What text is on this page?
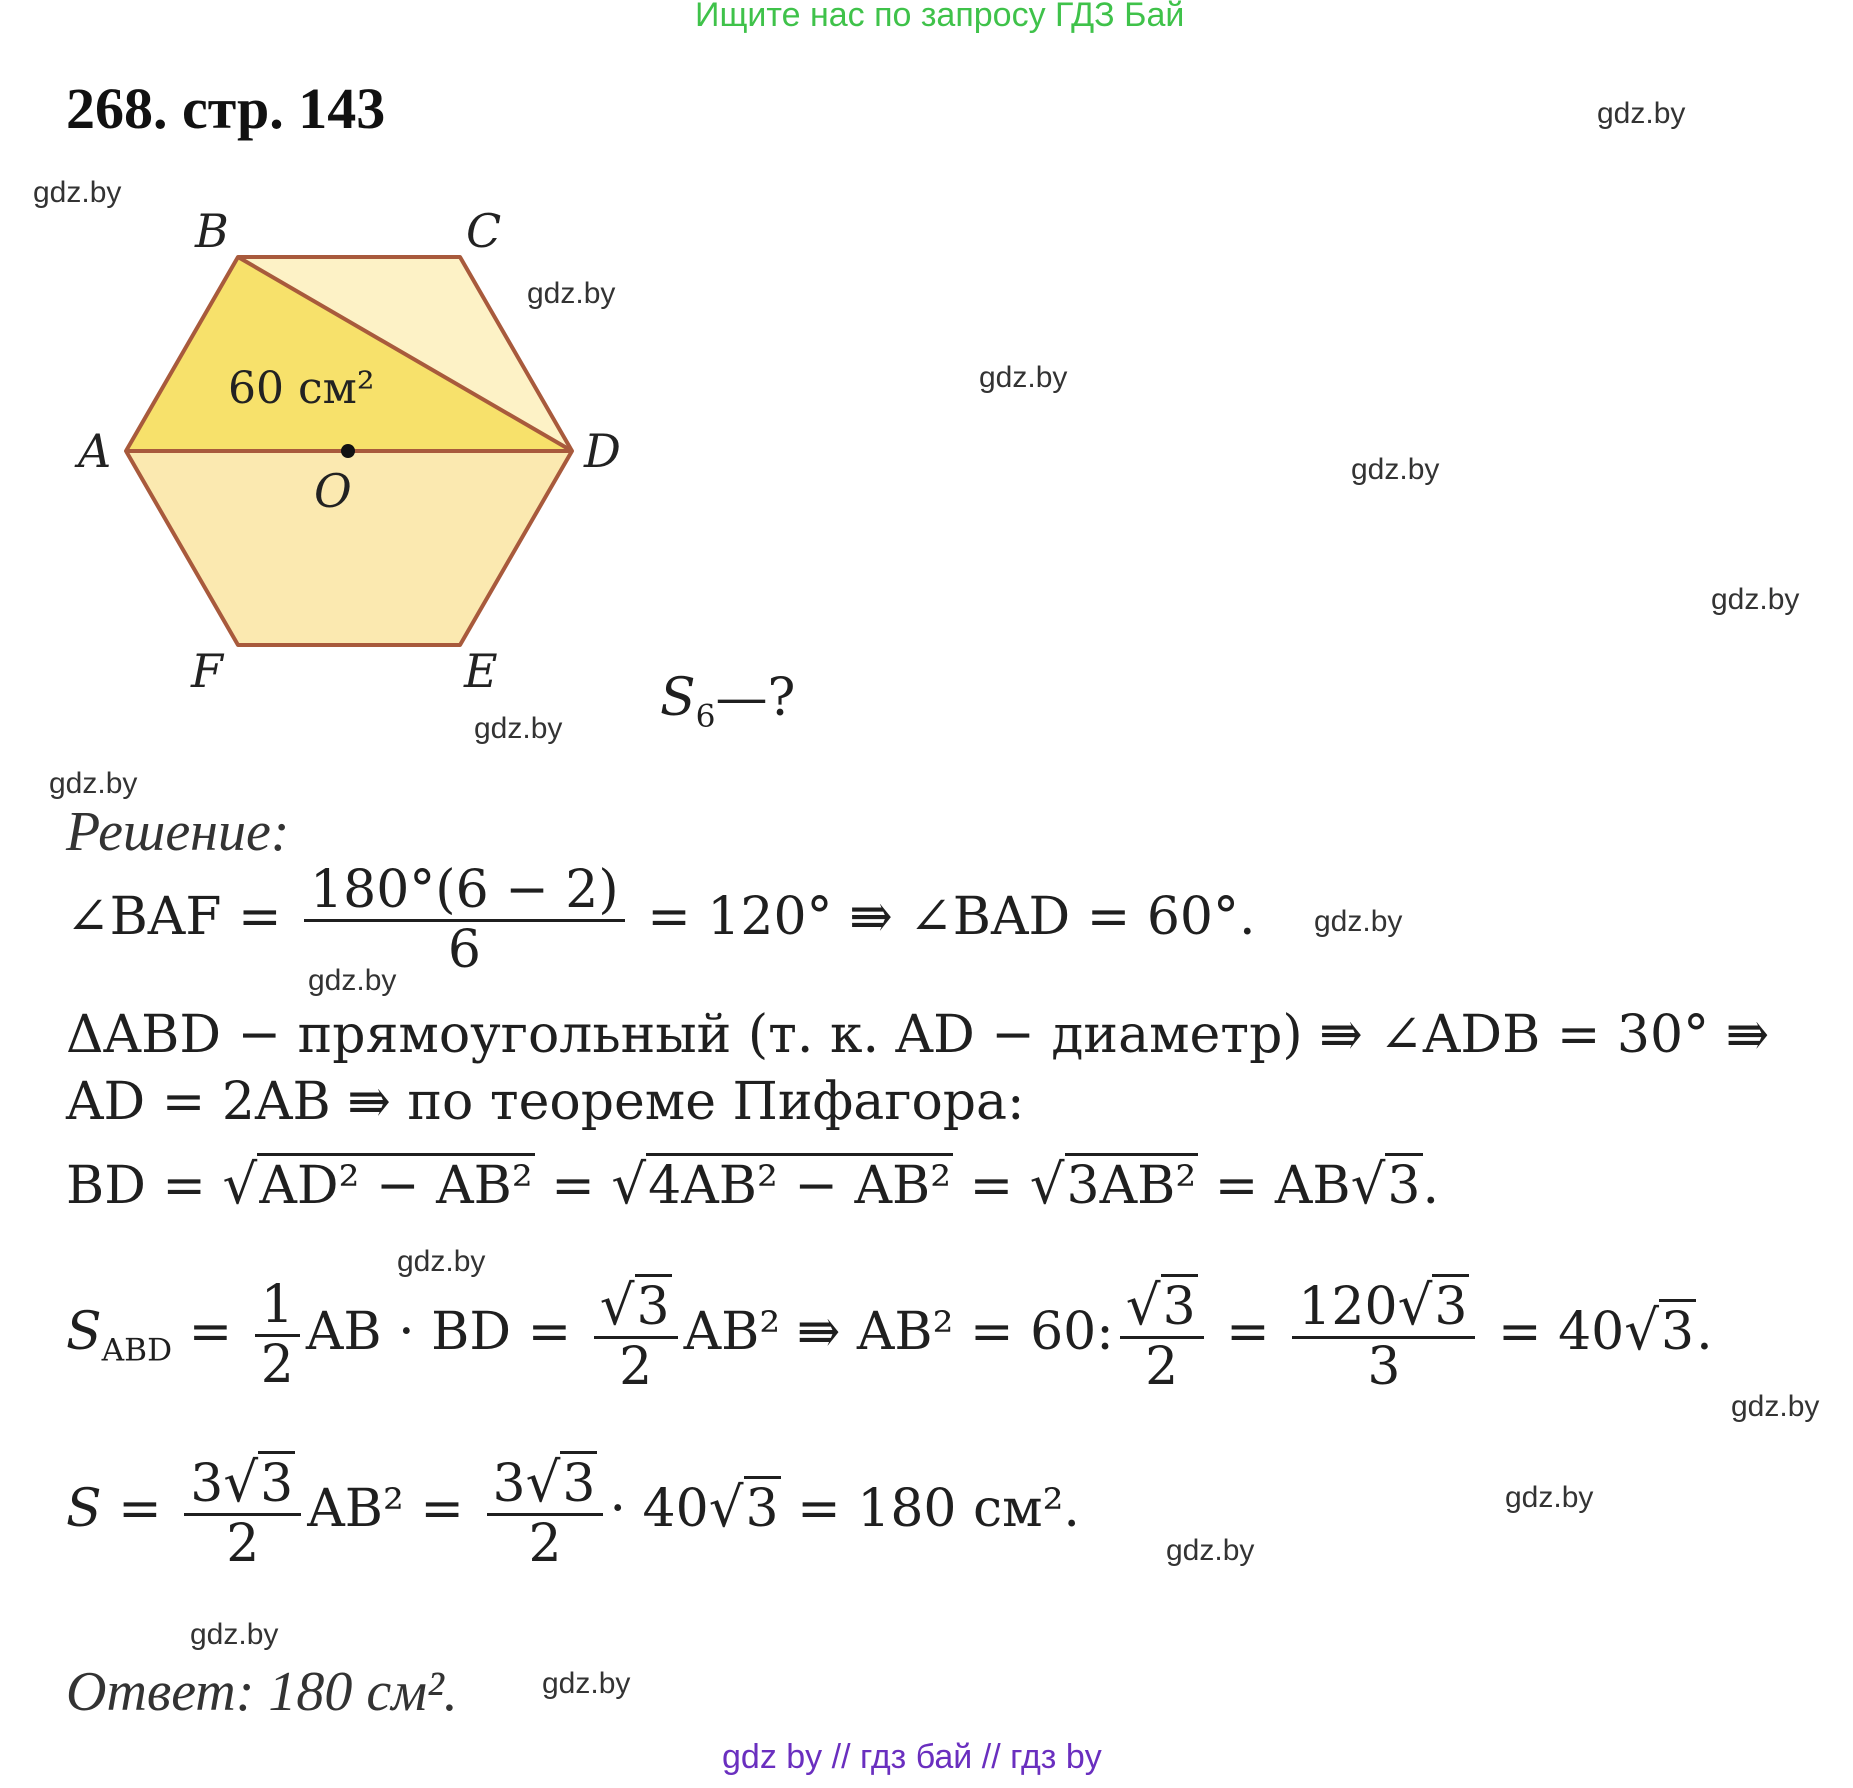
Ищите нас по запросу ГДЗ Бай
268. стр. 143	gdz.by
gdz.by
gdz.by
gdz.by
gdz.by
gdz.by
gdz.by
gdz.by
gdz.by
gdz.by
gdz.by
gdz.by
gdz.by
gdz.by
gdz.by
gdz.by
B	C
A	D
O
F	E
60 см²
$S_6—$?
Решение:
∠BAF = $\frac{180^\circ(6 - 2)}{6} = 120^\circ$ ⇛ ∠BAD = 60°.
ΔABD − прямоугольный (т. к. AD − диаметр) ⇛ ∠ADB = 30° ⇛
AD = 2AB ⇛ по теореме Пифагора:
BD = √AD² − AB² = √4AB² − AB² = √3AB² = AB√3.
$S_{ABD} = \frac{1}{2}$ AB · BD = $\frac{√3}{2} AB^2$ ⇛ AB² = 60: $\frac{√3}{2} = \frac{120√3}{3} = 40√3$.
$S = \frac{3√3}{2} AB^2 = \frac{3√3}{2} \cdot 40√3 = 180$ см².
Ответ: 180 см².
gdz by // гдз бай // гдз by
